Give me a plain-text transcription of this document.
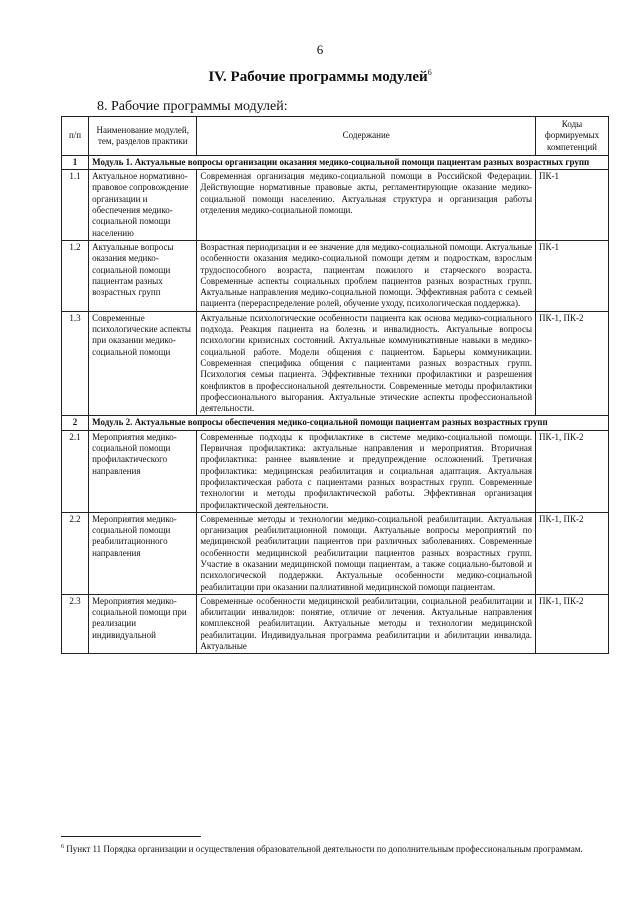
6
IV. Рабочие программы модулей$^6$
8. Рабочие программы модулей:
п/п	Наименование модулей, тем, разделов практики	Содержание	Коды формируемых компетенций
1	Модуль 1. Актуальные вопросы организации оказания медико-социальной помощи пациентам разных возрастных групп		
1.1	Актуальное нормативно-правовое сопровождение организации и обеспечения медико-социальной помощи населению	Современная организация медико-социальной помощи в Российской Федерации. Действующие нормативные правовые акты, регламентирующие оказание медико-социальной помощи населению. Актуальная структура и организация работы отделения медико-социальной помощи.	ПК-1
1.2	Актуальные вопросы оказания медико-социальной помощи пациентам разных возрастных групп	Возрастная периодизация и ее значение для медико-социальной помощи. Актуальные особенности оказания медико-социальной помощи детям и подросткам, взрослым трудоспособного возраста, пациентам пожилого и старческого возраста. Современные аспекты социальных проблем пациентов разных возрастных групп. Актуальные направления медико-социальной помощи. Эффективная работа с семьей пациента (перераспределение ролей, обучение уходу, психологическая поддержка).	ПК-1
1.3	Современные психологические аспекты при оказании медико-социальной помощи	Актуальные психологические особенности пациента как основа медико-социального подхода. Реакция пациента на болезнь и инвалидность. Актуальные вопросы психологии кризисных состояний. Актуальные коммуникативные навыки в медико-социальной работе. Модели общения с пациентом. Барьеры коммуникации. Современная специфика общения с пациентами разных возрастных групп. Психология семьи пациента. Эффективные техники профилактики и разрешения конфликтов в профессиональной деятельности. Современные методы профилактики профессионального выгорания. Актуальные этические аспекты профессиональной деятельности.	ПК-1, ПК-2
2	Модуль 2. Актуальные вопросы обеспечения медико-социальной помощи пациентам разных возрастных групп		
2.1	Мероприятия медико-социальной помощи профилактического направления	Современные подходы к профилактике в системе медико-социальной помощи. Первичная профилактика: актуальные направления и мероприятия. Вторичная профилактика: раннее выявление и предупреждение осложнений. Третичная профилактика: медицинская реабилитация и социальная адаптация. Актуальная профилактическая работа с пациентами разных возрастных групп. Современные технологии и методы профилактической работы. Эффективная организация профилактической деятельности.	ПК-1, ПК-2
2.2	Мероприятия медико-социальной помощи реабилитационного направления	Современные методы и технологии медико-социальной реабилитации. Актуальная организация реабилитационной помощи. Актуальные вопросы мероприятий по медицинской реабилитации пациентов при различных заболеваниях. Современные особенности медицинской реабилитации пациентов разных возрастных групп. Участие в оказании медицинской помощи пациентам, а также социально-бытовой и психологической поддержки. Актуальные особенности медико-социальной реабилитации при оказании паллиативной медицинской помощи пациентам.	ПК-1, ПК-2
2.3	Мероприятия медико-социальной помощи при реализации индивидуальной	Современные особенности медицинской реабилитации, социальной реабилитации и абилитации инвалидов: понятие, отличие от лечения. Актуальные направления комплексной реабилитации. Актуальные методы и технологии медицинской реабилитации. Индивидуальная программа реабилитации и абилитации инвалида. Актуальные	ПК-1, ПК-2
$^6$ Пункт 11 Порядка организации и осуществления образовательной деятельности по дополнительным профессиональным программам.
